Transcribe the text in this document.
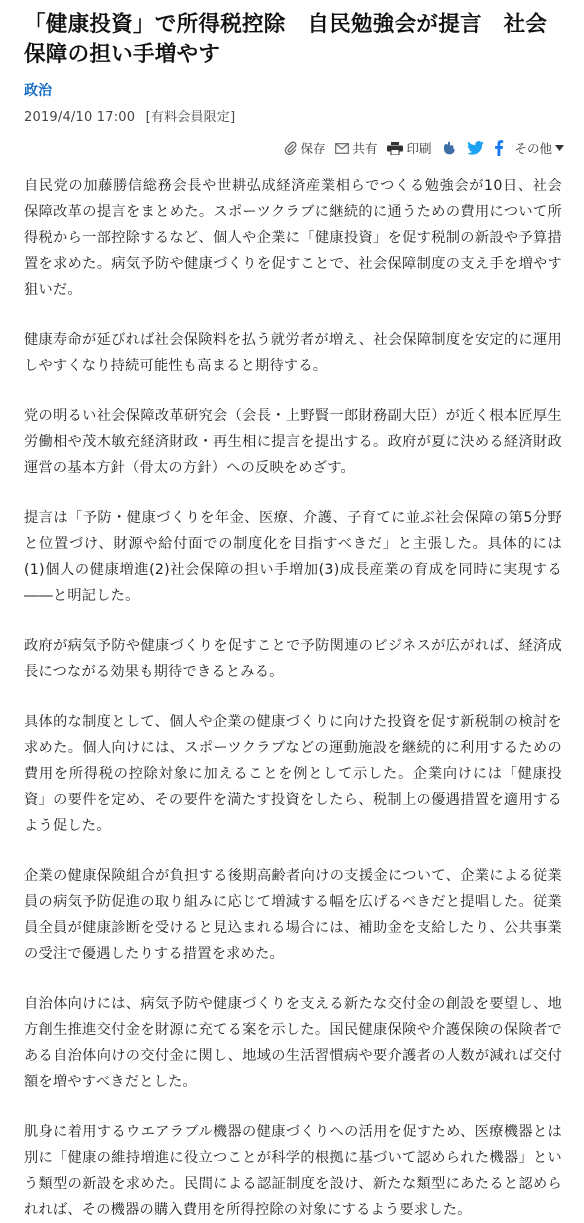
「健康投資」で所得税控除　自民勉強会が提言　社会保障の担い手増やす
政治
2019/4/10 17:00 [有料会員限定]
保存 共有 印刷	その他

自民党の加藤勝信総務会長や世耕弘成経済産業相らでつくる勉強会が10日、社会保障改革の提言をまとめた。スポーツクラブに継続的に通うための費用について所得税から一部控除するなど、個人や企業に「健康投資」を促す税制の新設や予算措置を求めた。病気予防や健康づくりを促すことで、社会保障制度の支え手を増やす狙いだ。

健康寿命が延びれば社会保険料を払う就労者が増え、社会保障制度を安定的に運用しやすくなり持続可能性も高まると期待する。

党の明るい社会保障改革研究会（会長・上野賢一郎財務副大臣）が近く根本匠厚生労働相や茂木敏充経済財政・再生相に提言を提出する。政府が夏に決める経済財政運営の基本方針（骨太の方針）への反映をめざす。

提言は「予防・健康づくりを年金、医療、介護、子育てに並ぶ社会保障の第5分野と位置づけ、財源や給付面での制度化を目指すべきだ」と主張した。具体的には(1)個人の健康増進(2)社会保障の担い手増加(3)成長産業の育成を同時に実現する――と明記した。

政府が病気予防や健康づくりを促すことで予防関連のビジネスが広がれば、経済成長につながる効果も期待できるとみる。

具体的な制度として、個人や企業の健康づくりに向けた投資を促す新税制の検討を求めた。個人向けには、スポーツクラブなどの運動施設を継続的に利用するための費用を所得税の控除対象に加えることを例として示した。企業向けには「健康投資」の要件を定め、その要件を満たす投資をしたら、税制上の優遇措置を適用するよう促した。

企業の健康保険組合が負担する後期高齢者向けの支援金について、企業による従業員の病気予防促進の取り組みに応じて増減する幅を広げるべきだと提唱した。従業員全員が健康診断を受けると見込まれる場合には、補助金を支給したり、公共事業の受注で優遇したりする措置を求めた。

自治体向けには、病気予防や健康づくりを支える新たな交付金の創設を要望し、地方創生推進交付金を財源に充てる案を示した。国民健康保険や介護保険の保険者である自治体向けの交付金に関し、地域の生活習慣病や要介護者の人数が減れば交付額を増やすべきだとした。

肌身に着用するウエアラブル機器の健康づくりへの活用を促すため、医療機器とは別に「健康の維持増進に役立つことが科学的根拠に基づいて認められた機器」という類型の新設を求めた。民間による認証制度を設け、新たな類型にあたると認められれば、その機器の購入費用を所得控除の対象にするよう要求した。
